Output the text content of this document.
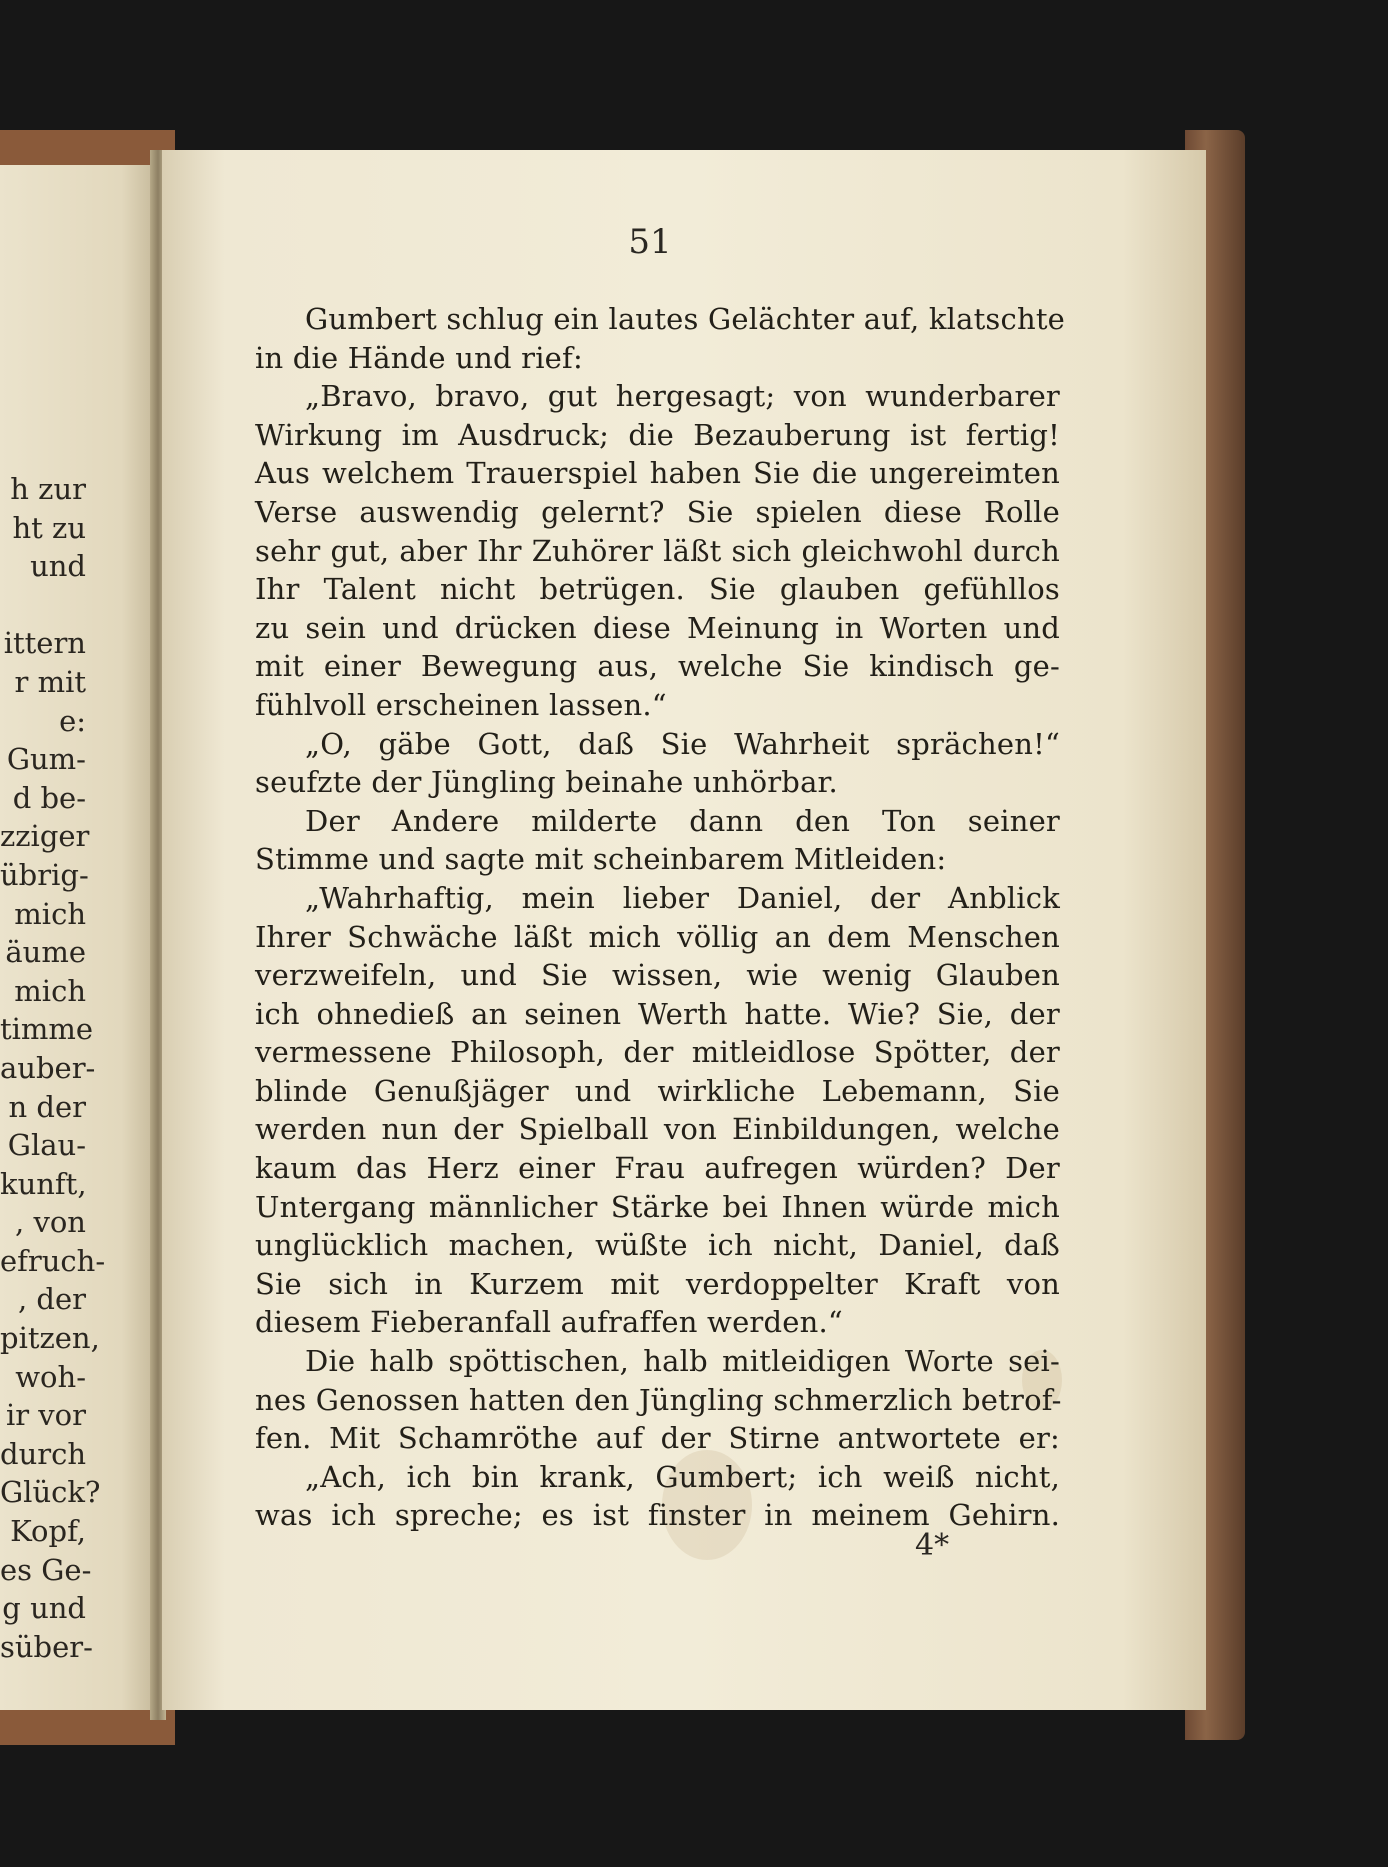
h zur
ht zu
und
ittern
r mit
e:
Gum-
d be-
zziger
übrig-
mich
äume
mich
timme
auber-
n der
Glau-
kunft,
, von
efruch-
, der
pitzen,
woh-
ir vor
durch
Glück?
Kopf,
es Ge-
g und
süber-
51
Gumbert schlug ein lautes Gelächter auf, klatschte
in die Hände und rief:
„Bravo, bravo, gut hergesagt; von wunderbarer
Wirkung im Ausdruck; die Bezauberung ist fertig!
Aus welchem Trauerspiel haben Sie die ungereimten
Verse auswendig gelernt? Sie spielen diese Rolle
sehr gut, aber Ihr Zuhörer läßt sich gleichwohl durch
Ihr Talent nicht betrügen. Sie glauben gefühllos
zu sein und drücken diese Meinung in Worten und
mit einer Bewegung aus, welche Sie kindisch ge-
fühlvoll erscheinen lassen.“
„O, gäbe Gott, daß Sie Wahrheit sprächen!“
seufzte der Jüngling beinahe unhörbar.
Der Andere milderte dann den Ton seiner
Stimme und sagte mit scheinbarem Mitleiden:
„Wahrhaftig, mein lieber Daniel, der Anblick
Ihrer Schwäche läßt mich völlig an dem Menschen
verzweifeln, und Sie wissen, wie wenig Glauben
ich ohnedieß an seinen Werth hatte. Wie? Sie, der
vermessene Philosoph, der mitleidlose Spötter, der
blinde Genußjäger und wirkliche Lebemann, Sie
werden nun der Spielball von Einbildungen, welche
kaum das Herz einer Frau aufregen würden? Der
Untergang männlicher Stärke bei Ihnen würde mich
unglücklich machen, wüßte ich nicht, Daniel, daß
Sie sich in Kurzem mit verdoppelter Kraft von
diesem Fieberanfall aufraffen werden.“
Die halb spöttischen, halb mitleidigen Worte sei-
nes Genossen hatten den Jüngling schmerzlich betrof-
fen. Mit Schamröthe auf der Stirne antwortete er:
„Ach, ich bin krank, Gumbert; ich weiß nicht,
was ich spreche; es ist finster in meinem Gehirn.
4*
